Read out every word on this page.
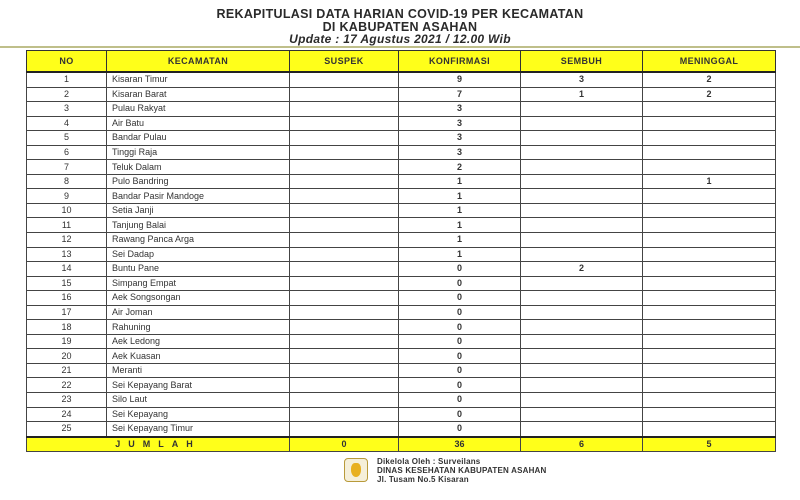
REKAPITULASI DATA HARIAN COVID-19 PER KECAMATAN
DI KABUPATEN ASAHAN
Update : 17 Agustus 2021 / 12.00 Wib
NO	KECAMATAN	SUSPEK	KONFIRMASI	SEMBUH	MENINGGAL
1	Kisaran Timur		9	3	2
2	Kisaran Barat		7	1	2
3	Pulau Rakyat		3		
4	Air Batu		3		
5	Bandar Pulau		3		
6	Tinggi Raja		3		
7	Teluk Dalam		2		
8	Pulo Bandring		1		1
9	Bandar Pasir Mandoge		1		
10	Setia Janji		1		
11	Tanjung Balai		1		
12	Rawang Panca Arga		1		
13	Sei Dadap		1		
14	Buntu Pane		0	2	
15	Simpang Empat		0		
16	Aek Songsongan		0		
17	Air Joman		0		
18	Rahuning		0		
19	Aek Ledong		0		
20	Aek Kuasan		0		
21	Meranti		0		
22	Sei Kepayang Barat		0		
23	Silo Laut		0		
24	Sei Kepayang		0		
25	Sei Kepayang Timur		0		
JUMLAH		0	36	6	5
Dikelola Oleh : Surveilans
DINAS KESEHATAN KABUPATEN ASAHAN
Jl. Tusam No.5 Kisaran
